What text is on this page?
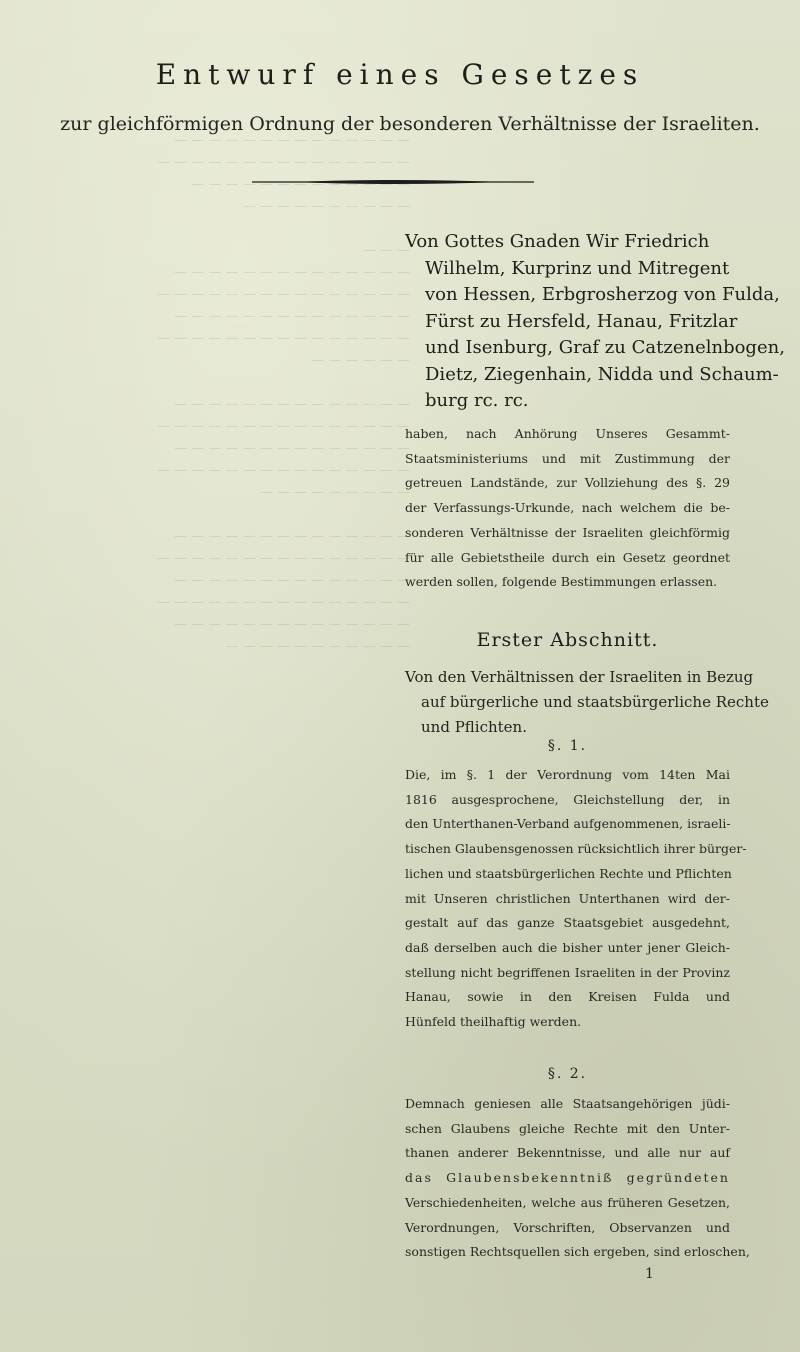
— — — — — — — — — — — — — —
— — — — — — — — — — — — — — —
— — — — — — — — — — — — —
— — — — — — — — — —

— — —
— — — — — — — — — — — — — —
— — — — — — — — — — — — — — —
— — — — — — — — — — — — — —
— — — — — — — — — — — — — — —
— — — — — —

— — — — — — — — — — — — — —
— — — — — — — — — — — — — — —
— — — — — — — — — — — — — —
— — — — — — — — — — — — — — —
— — — — — — — — —

— — — — — — — — — — — — — —
— — — — — — — — — — — — — — —
— — — — — — — — — — — — — —
— — — — — — — — — — — — — — —
— — — — — — — — — — — — — —
— — — — — — — — — — —
Entwurf eines Gesetzes
zur gleichförmigen Ordnung der besonderen Verhältnisse der Israeliten.
Von Gottes Gnaden Wir Friedrich
Wilhelm, Kurprinz und Mitregent
von Hessen, Erbgrosherzog von Fulda,
Fürst zu Hersfeld, Hanau, Fritzlar
und Isenburg, Graf zu Catzenelnbogen,
Dietz, Ziegenhain, Nidda und Schaum-
burg rc. rc.
haben, nach Anhörung Unseres Gesammt-
Staatsministeriums und mit Zustimmung der
getreuen Landstände, zur Vollziehung des §. 29
der Verfassungs-Urkunde, nach welchem die be-
sonderen Verhältnisse der Israeliten gleichförmig
für alle Gebietstheile durch ein Gesetz geordnet
werden sollen, folgende Bestimmungen erlassen.
Erster Abschnitt.
Von den Verhältnissen der Israeliten in Bezug
auf bürgerliche und staatsbürgerliche Rechte
und Pflichten.
§. 1.
Die, im §. 1 der Verordnung vom 14ten Mai
1816 ausgesprochene, Gleichstellung der, in
den Unterthanen-Verband aufgenommenen, israeli-
tischen Glaubensgenossen rücksichtlich ihrer bürger-
lichen und staatsbürgerlichen Rechte und Pflichten
mit Unseren christlichen Unterthanen wird der-
gestalt auf das ganze Staatsgebiet ausgedehnt,
daß derselben auch die bisher unter jener Gleich-
stellung nicht begriffenen Israeliten in der Provinz
Hanau, sowie in den Kreisen Fulda und
Hünfeld theilhaftig werden.
§. 2.
Demnach geniesen alle Staatsangehörigen jüdi-
schen Glaubens gleiche Rechte mit den Unter-
thanen anderer Bekenntnisse, und alle nur auf
das Glaubensbekenntniß gegründeten
Verschiedenheiten, welche aus früheren Gesetzen,
Verordnungen, Vorschriften, Observanzen und
sonstigen Rechtsquellen sich ergeben, sind erloschen,
1
